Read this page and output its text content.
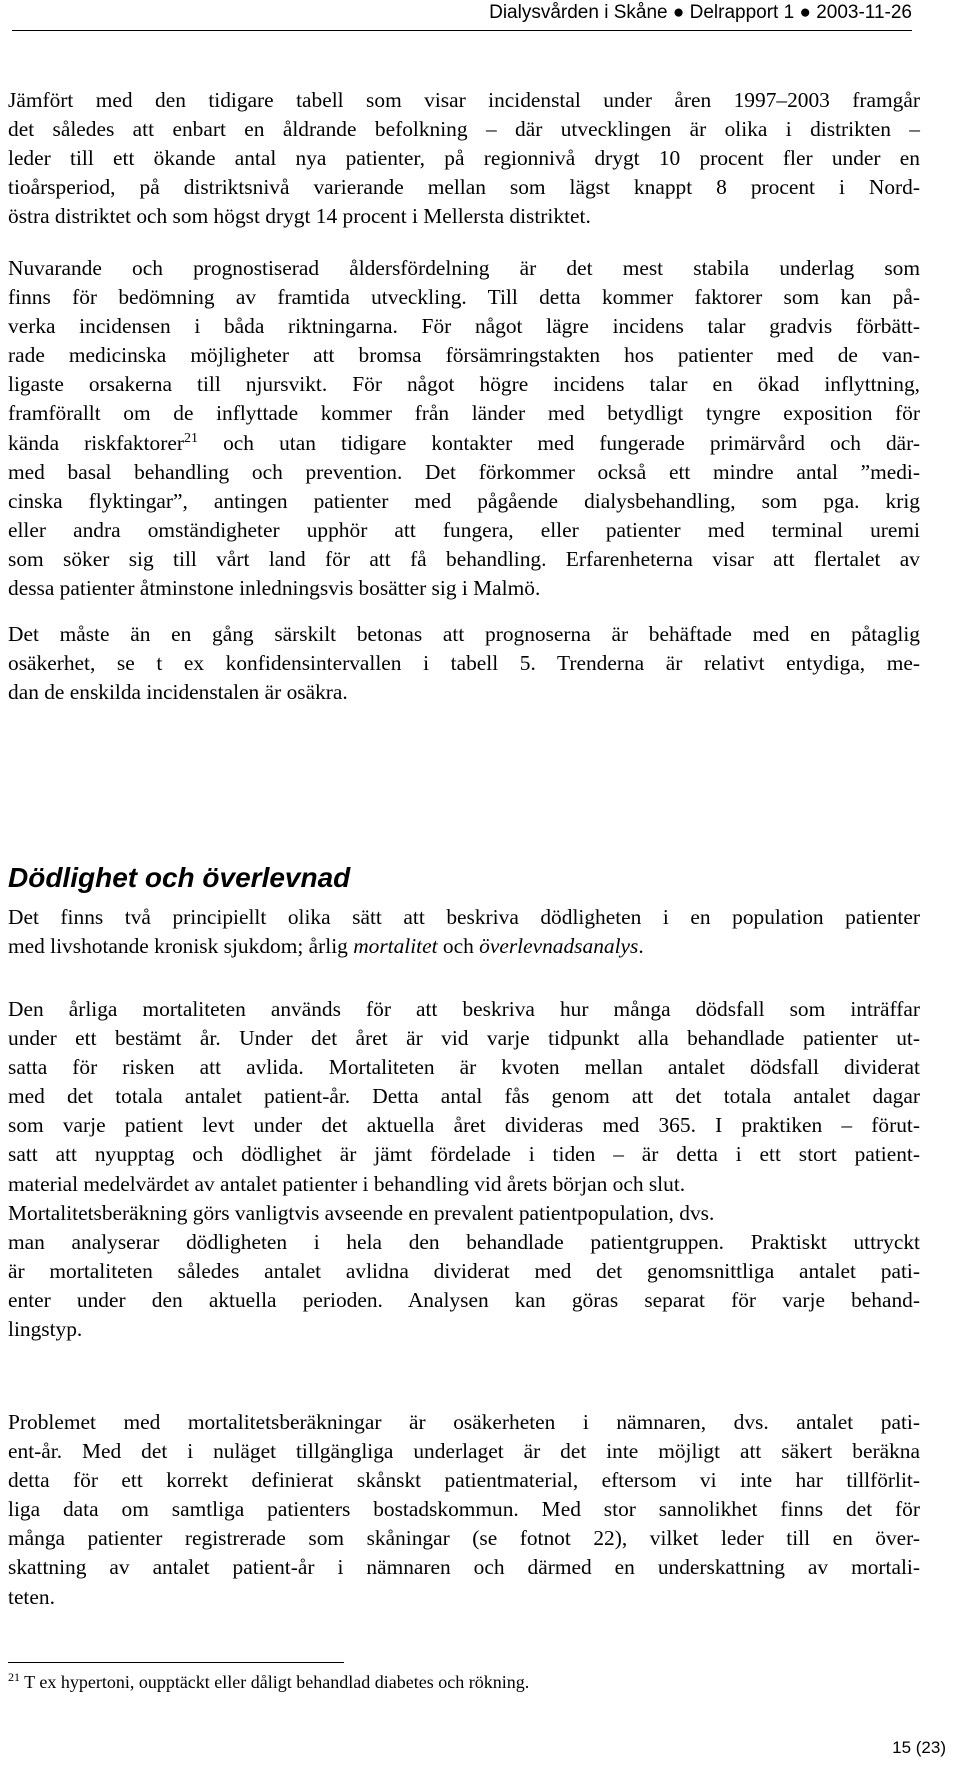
Dialysvården i Skåne ● Delrapport 1 ● 2003-11-26

Jämfört med den tidigare tabell som visar incidenstal under åren 1997–2003 framgår
det således att enbart en åldrande befolkning – där utvecklingen är olika i distrikten –
leder till ett ökande antal nya patienter, på regionnivå drygt 10 procent fler under en
tioårsperiod, på distriktsnivå varierande mellan som lägst knappt 8 procent i Nord-
östra distriktet och som högst drygt 14 procent i Mellersta distriktet.

Nuvarande och prognostiserad åldersfördelning är det mest stabila underlag som
finns för bedömning av framtida utveckling. Till detta kommer faktorer som kan på-
verka incidensen i båda riktningarna. För något lägre incidens talar gradvis förbätt-
rade medicinska möjligheter att bromsa försämringstakten hos patienter med de van-
ligaste orsakerna till njursvikt. För något högre incidens talar en ökad inflyttning,
framförallt om de inflyttade kommer från länder med betydligt tyngre exposition för
kända riskfaktorer$^{21}$ och utan tidigare kontakter med fungerade primärvård och där-
med basal behandling och prevention. Det förkommer också ett mindre antal ”medi-
cinska flyktingar”, antingen patienter med pågående dialysbehandling, som pga. krig
eller andra omständigheter upphör att fungera, eller patienter med terminal uremi
som söker sig till vårt land för att få behandling. Erfarenheterna visar att flertalet av
dessa patienter åtminstone inledningsvis bosätter sig i Malmö.

Det måste än en gång särskilt betonas att prognoserna är behäftade med en påtaglig
osäkerhet, se t ex konfidensintervallen i tabell 5. Trenderna är relativt entydiga, me-
dan de enskilda incidenstalen är osäkra.

Dödlighet och överlevnad

Det finns två principiellt olika sätt att beskriva dödligheten i en population patienter
med livshotande kronisk sjukdom; årlig mortalitet och överlevnadsanalys.

Den årliga mortaliteten används för att beskriva hur många dödsfall som inträffar
under ett bestämt år. Under det året är vid varje tidpunkt alla behandlade patienter ut-
satta för risken att avlida. Mortaliteten är kvoten mellan antalet dödsfall dividerat
med det totala antalet patient-år. Detta antal fås genom att det totala antalet dagar
som varje patient levt under det aktuella året divideras med 365. I praktiken – förut-
satt att nyupptag och dödlighet är jämt fördelade i tiden – är detta i ett stort patient-
material medelvärdet av antalet patienter i behandling vid årets början och slut.
Mortalitetsberäkning görs vanligtvis avseende en prevalent patientpopulation, dvs.
man analyserar dödligheten i hela den behandlade patientgruppen. Praktiskt uttryckt
är mortaliteten således antalet avlidna dividerat med det genomsnittliga antalet pati-
enter under den aktuella perioden. Analysen kan göras separat för varje behand-
lingstyp.

Problemet med mortalitetsberäkningar är osäkerheten i nämnaren, dvs. antalet pati-
ent-år. Med det i nuläget tillgängliga underlaget är det inte möjligt att säkert beräkna
detta för ett korrekt definierat skånskt patientmaterial, eftersom vi inte har tillförlit-
liga data om samtliga patienters bostadskommun. Med stor sannolikhet finns det för
många patienter registrerade som skåningar (se fotnot 22), vilket leder till en över-
skattning av antalet patient-år i nämnaren och därmed en underskattning av mortali-
teten.

$^{21}$ T ex hypertoni, oupptäckt eller dåligt behandlad diabetes och rökning.
15 (23)
